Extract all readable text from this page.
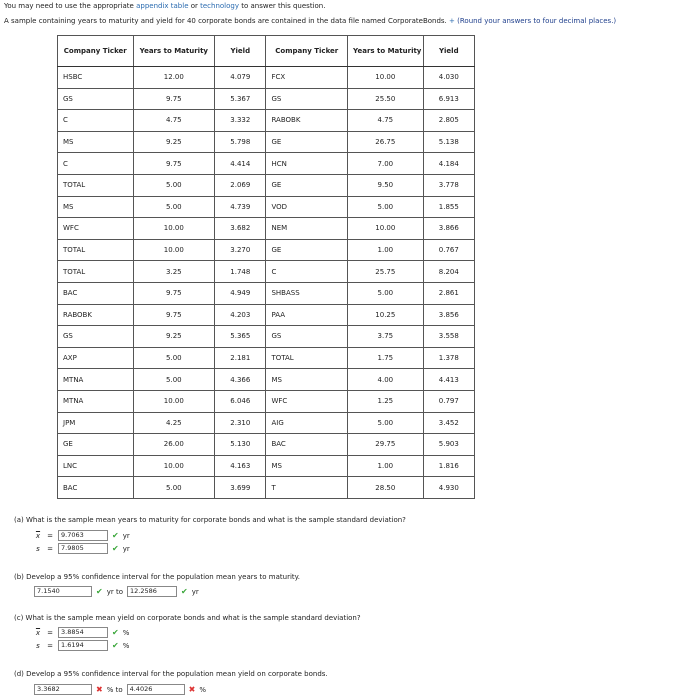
You may need to use the appropriate appendix table or technology to answer this question.
A sample containing years to maturity and yield for 40 corporate bonds are contained in the data file named CorporateBonds. + (Round your answers to four decimal places.)
Company Ticker	Years to Maturity	Yield	Company Ticker	Years to Maturity	Yield
HSBC	12.00	4.079	FCX	10.00	4.030
GS	9.75	5.367	GS	25.50	6.913
C	4.75	3.332	RABOBK	4.75	2.805
MS	9.25	5.798	GE	26.75	5.138
C	9.75	4.414	HCN	7.00	4.184
TOTAL	5.00	2.069	GE	9.50	3.778
MS	5.00	4.739	VOD	5.00	1.855
WFC	10.00	3.682	NEM	10.00	3.866
TOTAL	10.00	3.270	GE	1.00	0.767
TOTAL	3.25	1.748	C	25.75	8.204
BAC	9.75	4.949	SHBASS	5.00	2.861
RABOBK	9.75	4.203	PAA	10.25	3.856
GS	9.25	5.365	GS	3.75	3.558
AXP	5.00	2.181	TOTAL	1.75	1.378
MTNA	5.00	4.366	MS	4.00	4.413
MTNA	10.00	6.046	WFC	1.25	0.797
JPM	4.25	2.310	AIG	5.00	3.452
GE	26.00	5.130	BAC	29.75	5.903
LNC	10.00	4.163	MS	1.00	1.816
BAC	5.00	3.699	T	28.50	4.930
(a) What is the sample mean years to maturity for corporate bonds and what is the sample standard deviation?
$\overline{x}$ =	9.7063	✔ yr
s	=	7.9805	✔ yr
(b) Develop a 95% confidence interval for the population mean years to maturity.
7.1540	✔ yr to	12.2586	✔ yr
(c) What is the sample mean yield on corporate bonds and what is the sample standard deviation?
$\overline{x}$ =	3.8854	✔ %
s	=	1.6194	✔ %
(d) Develop a 95% confidence interval for the population mean yield on corporate bonds.
3.3682	✖ % to	4.4026	✖ %
